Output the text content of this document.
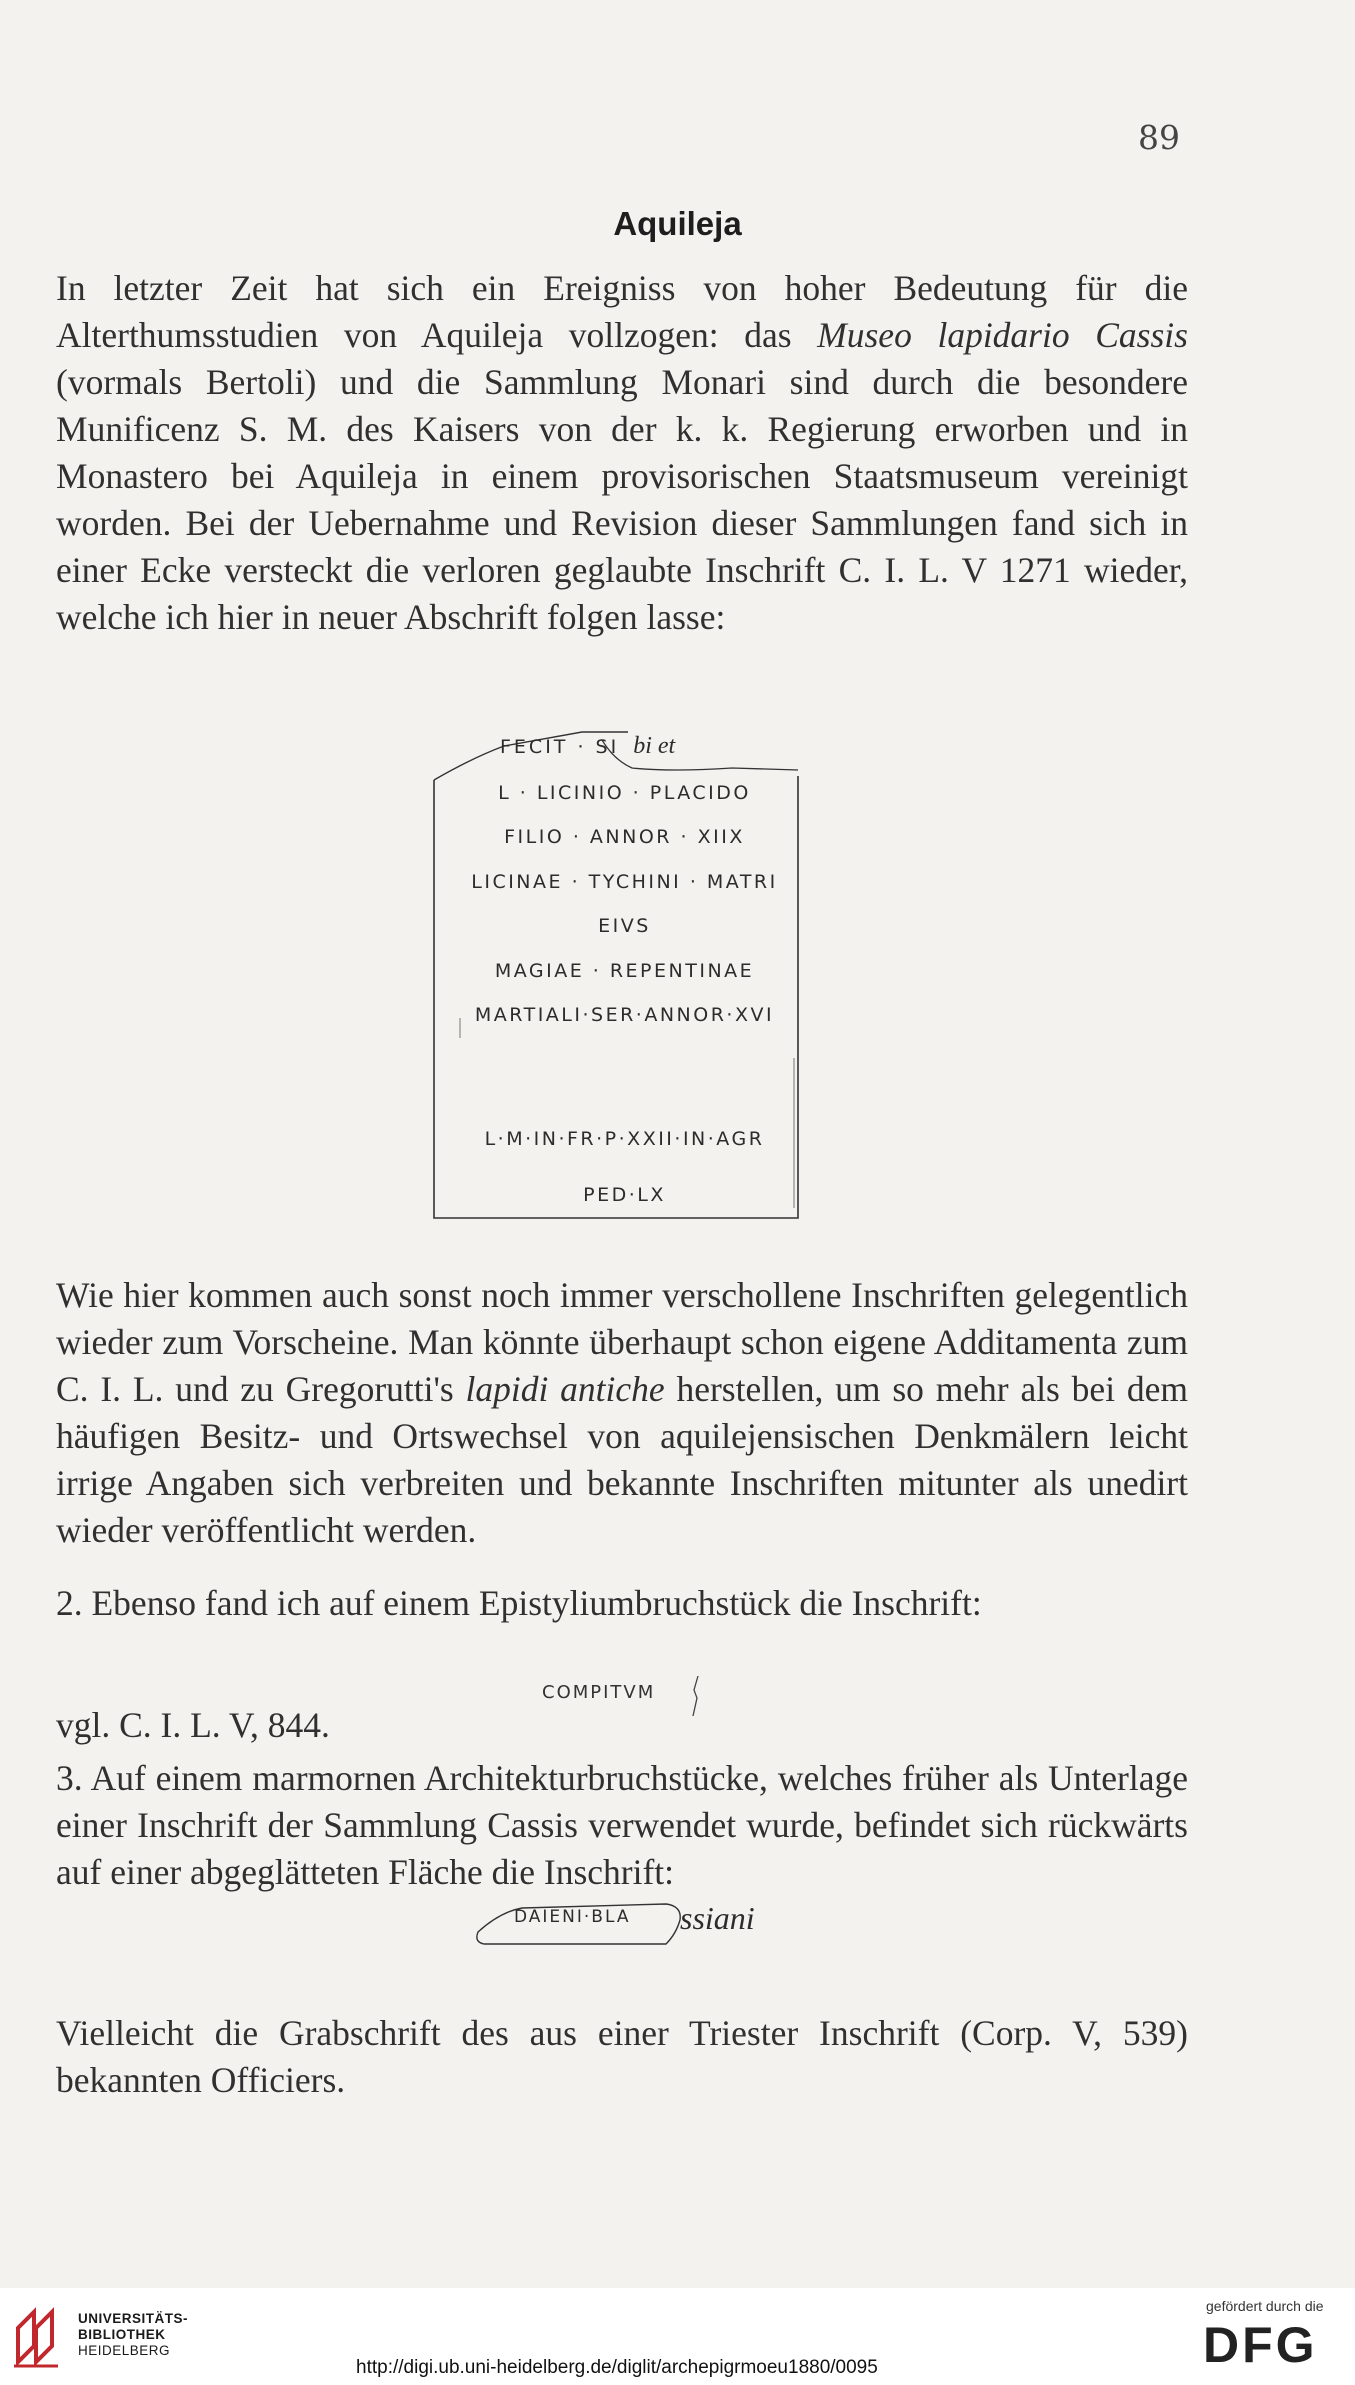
89
Aquileja

In letzter Zeit hat sich ein Ereigniss von hoher Bedeutung für die Alterthumsstudien von Aquileja vollzogen: das Museo lapidario Cassis (vormals Bertoli) und die Sammlung Monari sind durch die besondere Munificenz S. M. des Kaisers von der k. k. Regierung erworben und in Monastero bei Aquileja in einem provisorischen Staatsmuseum vereinigt worden. Bei der Uebernahme und Revision dieser Sammlungen fand sich in einer Ecke versteckt die verloren geglaubte Inschrift C. I. L. V 1271 wieder, welche ich hier in neuer Abschrift folgen lasse:

FECIT · SI bi et
L · LICINIO · PLACIDO
FILIO · ANNOR · XIIX
LICINAE · TYCHINI · MATRI
EIVS
MAGIAE · REPENTINAE
MARTIALI·SER·ANNOR·XVI
L·M·IN·FR·P·XXII·IN·AGR
PED·LX

Wie hier kommen auch sonst noch immer verschollene Inschriften gelegentlich wieder zum Vorscheine. Man könnte überhaupt schon eigene Additamenta zum C. I. L. und zu Gregorutti's lapidi antiche herstellen, um so mehr als bei dem häufigen Besitz- und Ortswechsel von aquilejensischen Denkmälern leicht irrige Angaben sich verbreiten und bekannte Inschriften mitunter als unedirt wieder veröffentlicht werden.

2. Ebenso fand ich auf einem Epistyliumbruchstück die Inschrift:

COMPITVM

vgl. C. I. L. V, 844.

3. Auf einem marmornen Architekturbruchstücke, welches früher als Unterlage einer Inschrift der Sammlung Cassis verwendet wurde, befindet sich rückwärts auf einer abgeglätteten Fläche die Inschrift:

DAIENI·BLA ssiani

Vielleicht die Grabschrift des aus einer Triester Inschrift (Corp. V, 539) bekannten Officiers.

UNIVERSITÄTS-
BIBLIOTHEK
HEIDELBERG
http://digi.ub.uni-heidelberg.de/diglit/archepigrmoeu1880/0095
gefördert durch die
DFG
